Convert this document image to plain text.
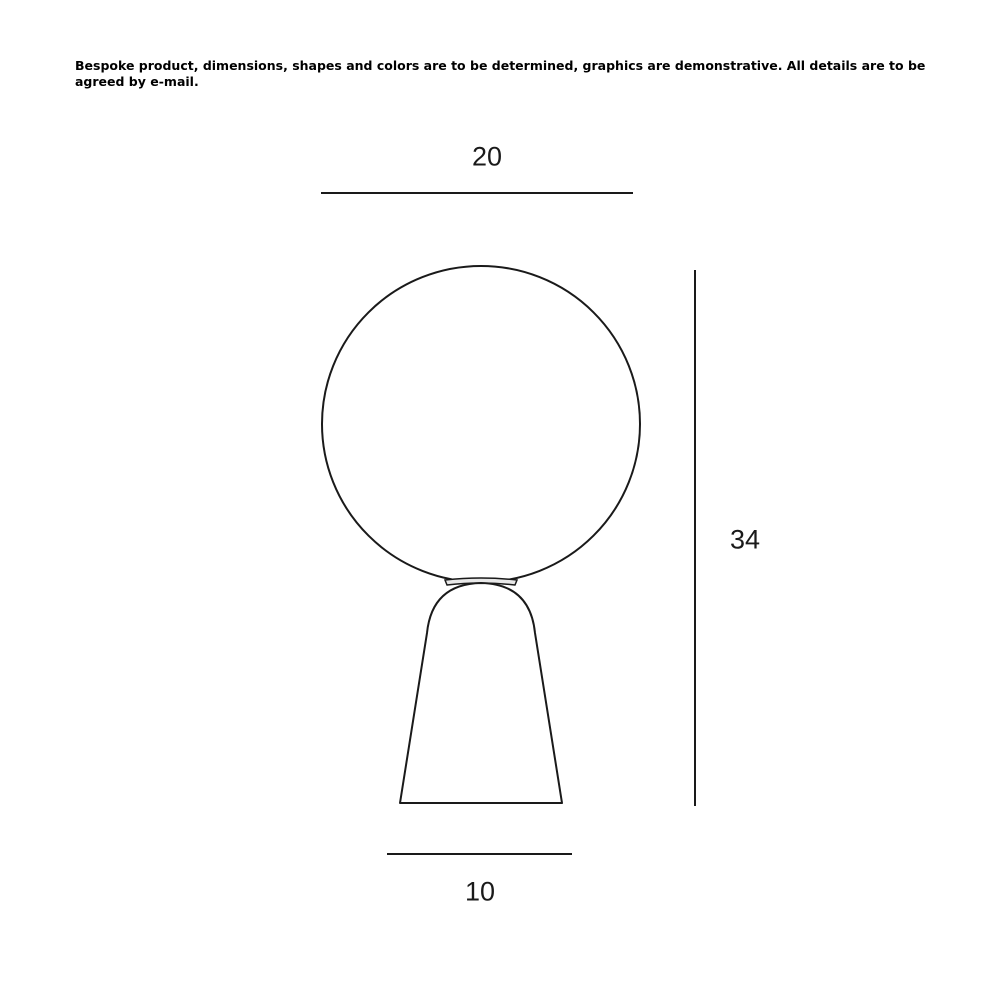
Bespoke product, dimensions, shapes and colors are to be determined, graphics are demonstrative. All details are to be agreed by e-mail.
20
34
10
